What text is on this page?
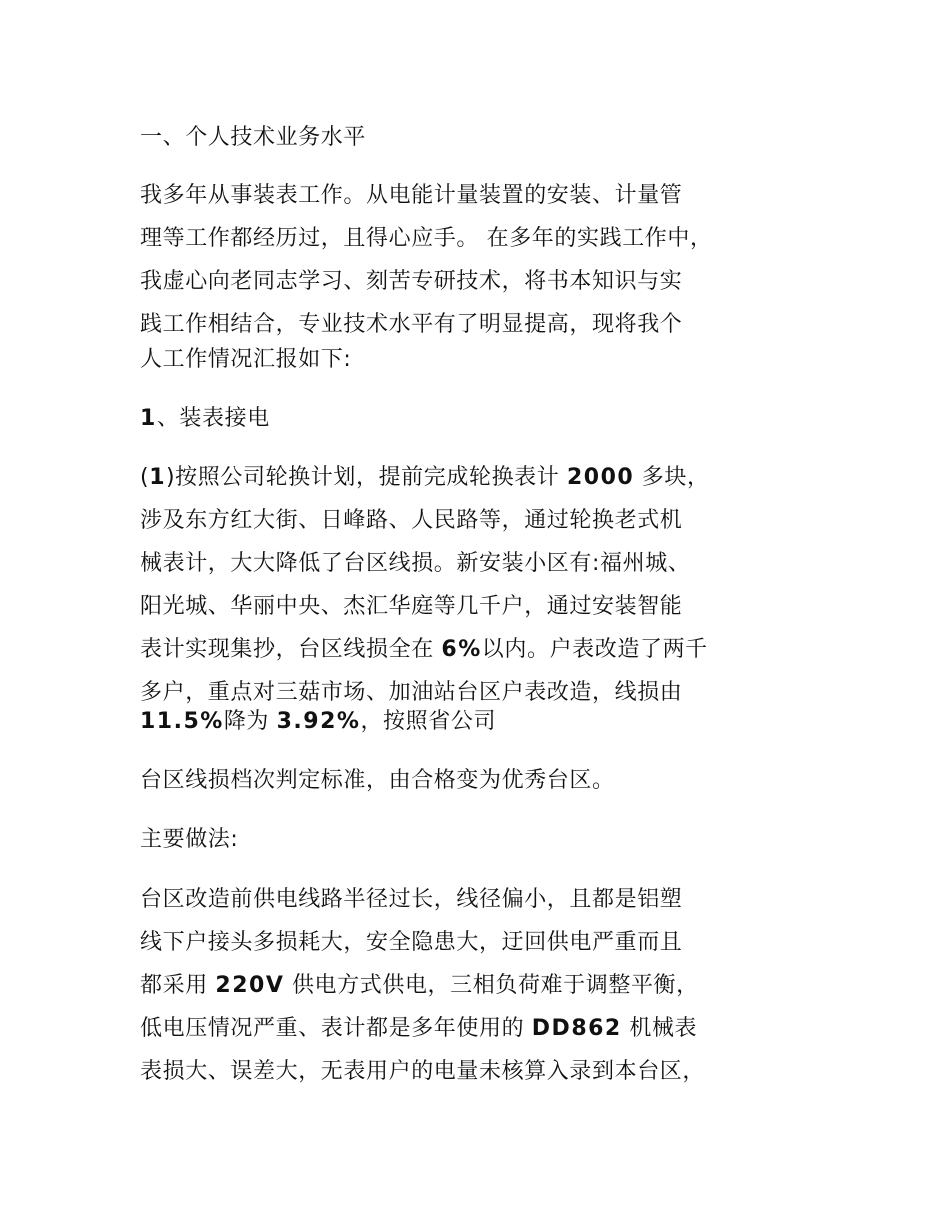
一、个人技术业务水平
我多年从事装表工作。从电能计量装置的安装、计量管
理等工作都经历过，且得心应手。 在多年的实践工作中，
我虚心向老同志学习、刻苦专研技术，将书本知识与实
践工作相结合，专业技术水平有了明显提高，现将我个
人工作情况汇报如下:
1、装表接电
(1)按照公司轮换计划，提前完成轮换表计 2000 多块，
涉及东方红大街、日峰路、人民路等，通过轮换老式机
械表计，大大降低了台区线损。新安装小区有:福州城、
阳光城、华丽中央、杰汇华庭等几千户，通过安装智能
表计实现集抄，台区线损全在 6%以内。户表改造了两千
多户，重点对三菇市场、加油站台区户表改造，线损由
11.5%降为 3.92%，按照省公司
台区线损档次判定标准，由合格变为优秀台区。
主要做法:
台区改造前供电线路半径过长，线径偏小，且都是铝塑
线下户接头多损耗大，安全隐患大，迂回供电严重而且
都采用 220V 供电方式供电，三相负荷难于调整平衡，
低电压情况严重、表计都是多年使用的 DD862 机械表
表损大、误差大，无表用户的电量未核算入录到本台区，
